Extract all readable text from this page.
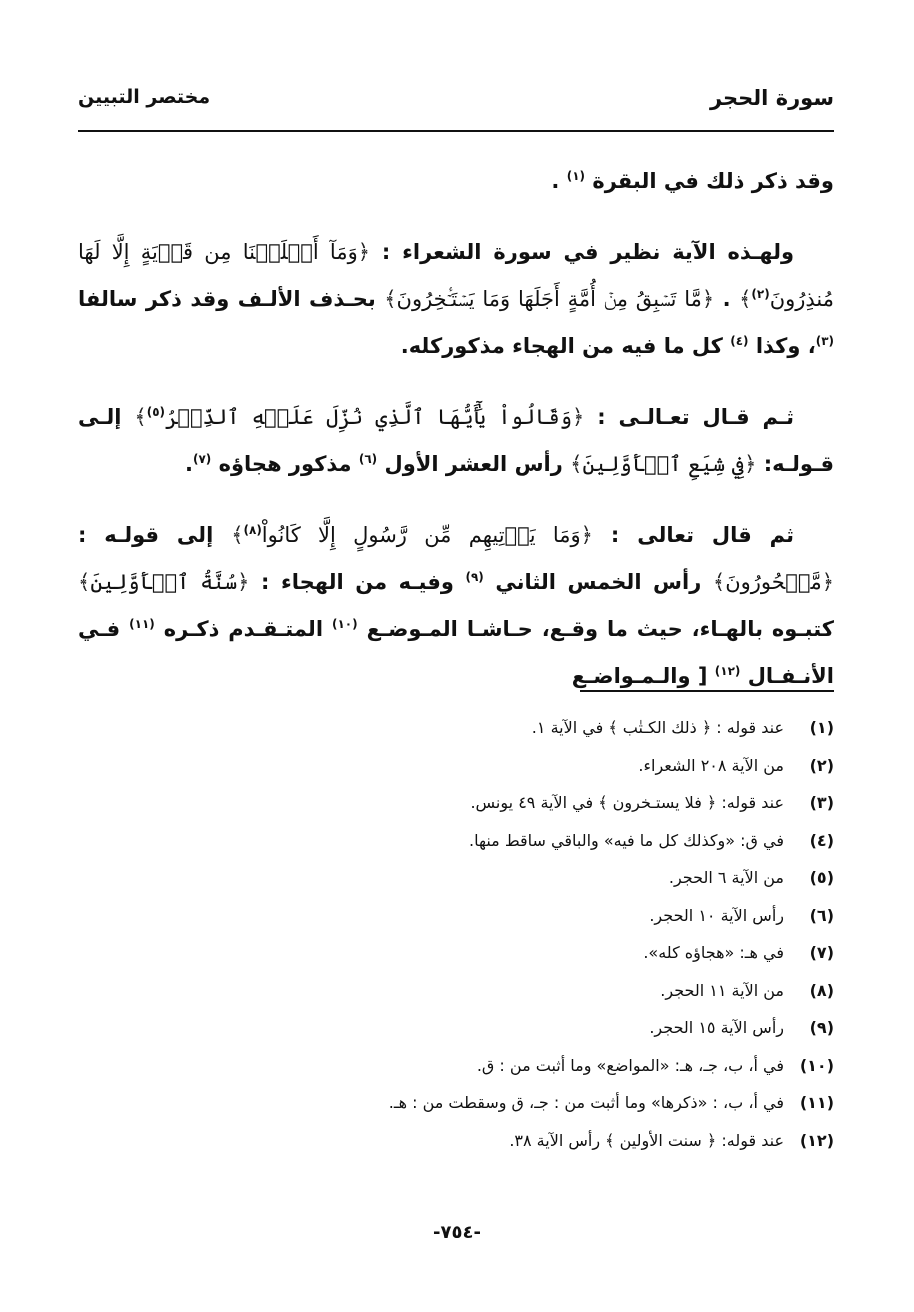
سورة الحجر
مختصر التبيين

وقد ذكر ذلك في البقرة $^{(١)}$ .

ولهـذه الآية نظير في سورة الشعراء : ﴿وَمَآ أَهۡلَكۡنَا مِن قَرۡيَةٍ إِلَّا لَهَا مُنذِرُونَ$^{(٢)}$﴾ . ﴿مَّا تَسۡبِقُ مِنۡ أُمَّةٍ أَجَلَهَا وَمَا يَسۡتَـٔۡخِرُونَ﴾ بحـذف الألـف وقد ذكر سالفا $^{(٣)}$، وكذا $^{(٤)}$ كل ما فيه من الهجاء مذكوركله.

ثـم قـال تعـالـى : ﴿وَقَالُواْ يَٰٓأَيُّهَا ٱلَّذِي نُزِّلَ عَلَيۡهِ ٱلذِّكۡرُ$^{(٥)}$﴾ إلـى قـولـه: ﴿فِي شِيَعِ ٱلۡأَوَّلِينَ﴾ رأس العشر الأول $^{(٦)}$ مذكور هجاؤه $^{(٧)}$.

ثم قال تعالى : ﴿وَمَا يَأۡتِيهِم مِّن رَّسُولٍ إِلَّا كَانُواْ$^{(٨)}$﴾ إلى قولـه : ﴿مَّسۡحُورُونَ﴾ رأس الخمس الثاني $^{(٩)}$ وفيـه من الهجاء : ﴿سُنَّةُ ٱلۡأَوَّلِينَ﴾ كتبـوه بالهـاء، حيث ما وقـع، حـاشـا المـوضـع $^{(١٠)}$ المتـقـدم ذكـره $^{(١١)}$ فـي الأنـفـال $^{(١٢)}$ [ والـمـواضـع

(١)
عند قوله : ﴿ ذلك الكـتٰب ﴾ في الآية ١.
(٢)
من الآية ٢٠٨ الشعراء.
(٣)
عند قوله: ﴿ فلا يستـخرون ﴾ في الآية ٤٩ يونس.
(٤)
في ق: «وكذلك كل ما فيه» والباقي ساقط منها.
(٥)
من الآية ٦ الحجر.
(٦)
رأس الآية ١٠ الحجر.
(٧)
في هـ: «هجاؤه كله».
(٨)
من الآية ١١ الحجر.
(٩)
رأس الآية ١٥ الحجر.
(١٠)
في أ، ب، جـ، هـ: «المواضع» وما أثبت من : ق.
(١١)
في أ، ب، : «ذكرها» وما أثبت من : جـ، ق وسقطت من : هـ.
(١٢)
عند قوله: ﴿ سنت الأولين ﴾ رأس الآية ٣٨.
-٧٥٤-
